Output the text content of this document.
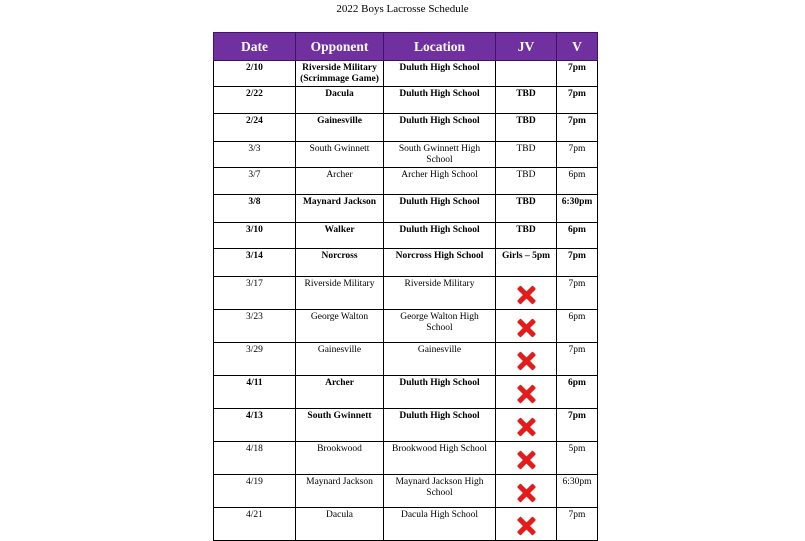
2022 Boys Lacrosse Schedule
Date	Opponent	Location	JV	V
2/10	Riverside Military (Scrimmage Game)	Duluth High School		7pm
2/22	Dacula	Duluth High School	TBD	7pm
2/24	Gainesville	Duluth High School	TBD	7pm
3/3	South Gwinnett	South Gwinnett High School	TBD	7pm
3/7	Archer	Archer High School	TBD	6pm
3/8	Maynard Jackson	Duluth High School	TBD	6:30pm
3/10	Walker	Duluth High School	TBD	6pm
3/14	Norcross	Norcross High School	Girls – 5pm	7pm
3/17	Riverside Military	Riverside Military		7pm
3/23	George Walton	George Walton High School		6pm
3/29	Gainesville	Gainesville		7pm
4/11	Archer	Duluth High School		6pm
4/13	South Gwinnett	Duluth High School		7pm
4/18	Brookwood	Brookwood High School		5pm
4/19	Maynard Jackson	Maynard Jackson High School		6:30pm
4/21	Dacula	Dacula High School		7pm
